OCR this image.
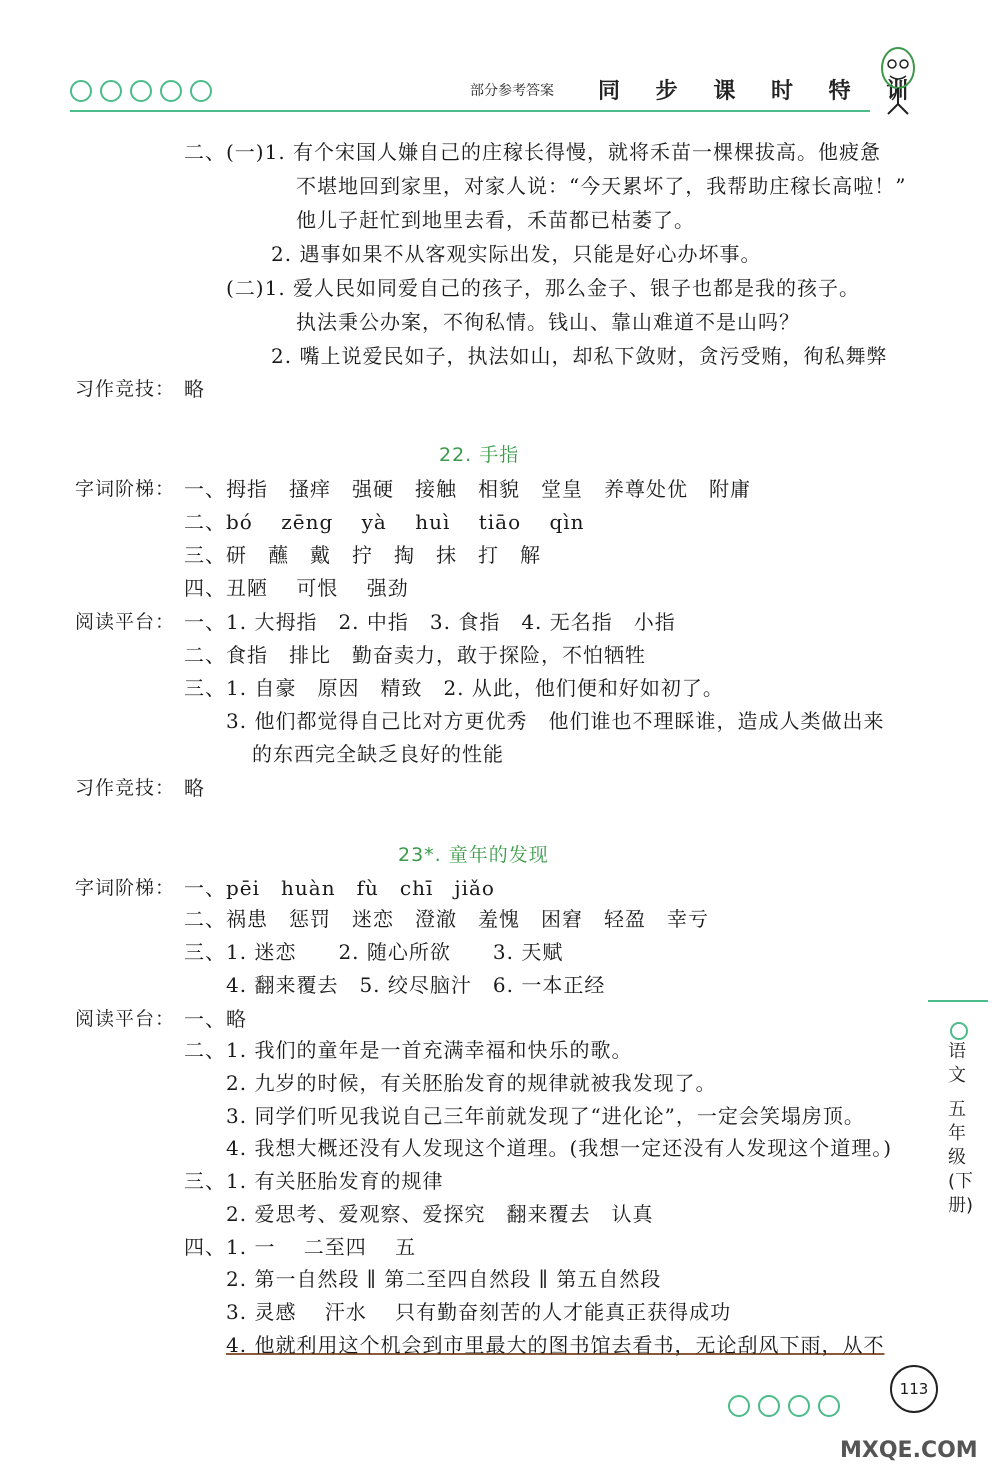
部分参考答案 同 步 课 时 特 训
二、(一)1. 有个宋国人嫌自己的庄稼长得慢，就将禾苗一棵棵拔高。他疲惫
不堪地回到家里，对家人说：“今天累坏了，我帮助庄稼长高啦！”
他儿子赶忙到地里去看，禾苗都已枯萎了。
2. 遇事如果不从客观实际出发，只能是好心办坏事。
(二)1. 爱人民如同爱自己的孩子，那么金子、银子也都是我的孩子。
执法秉公办案，不徇私情。钱山、靠山难道不是山吗？
2. 嘴上说爱民如子，执法如山，却私下敛财，贪污受贿，徇私舞弊
习作竞技： 略
22. 手指
字词阶梯： 一、拇指　搔痒　强硬　接触　相貌　堂皇　养尊处优　附庸
二、bó　 zēng　 yà　 huì　 tiāo　 qìn
三、研　蘸　戴　拧　掏　抹　打　解
四、丑陋　 可恨　 强劲
阅读平台： 一、1. 大拇指　2. 中指　3. 食指　4. 无名指　小指
二、食指　排比　勤奋卖力，敢于探险，不怕牺牲
三、1. 自豪　原因　精致　2. 从此，他们便和好如初了。
3. 他们都觉得自己比对方更优秀　他们谁也不理睬谁，造成人类做出来
的东西完全缺乏良好的性能
习作竞技： 略
23*. 童年的发现
字词阶梯： 一、pēi　huàn　fù　chī　jiǎo
二、祸患　惩罚　迷恋　澄澈　羞愧　困窘　轻盈　幸亏
三、1. 迷恋　　2. 随心所欲　　3. 天赋
4. 翻来覆去　5. 绞尽脑汁　6. 一本正经
阅读平台： 一、略
二、1. 我们的童年是一首充满幸福和快乐的歌。
2. 九岁的时候，有关胚胎发育的规律就被我发现了。
3. 同学们听见我说自己三年前就发现了“进化论”，一定会笑塌房顶。
4. 我想大概还没有人发现这个道理。(我想一定还没有人发现这个道理。)
三、1. 有关胚胎发育的规律
2. 爱思考、爱观察、爱探究　翻来覆去　认真
四、1. 一　 二至四　 五
2. 第一自然段 ∥ 第二至四自然段 ∥ 第五自然段
3. 灵感　 汗水　 只有勤奋刻苦的人才能真正获得成功
4. 他就利用这个机会到市里最大的图书馆去看书，无论刮风下雨，从不
语文
五年级
(下册)
113
MXQE.COM
